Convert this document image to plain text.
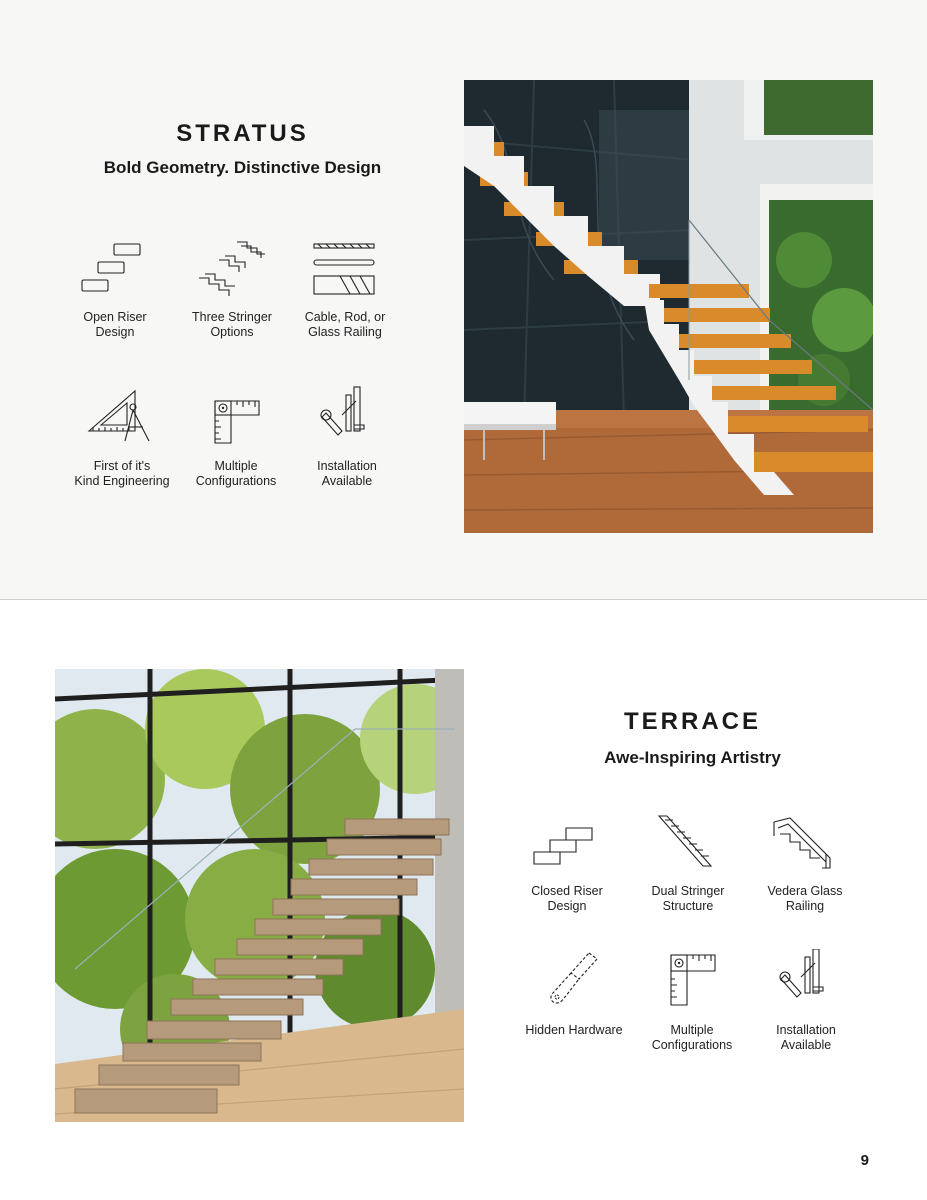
STRATUS
Bold Geometry. Distinctive Design
Open Riser
Design
Three Stringer
Options
Cable, Rod, or
Glass Railing
First of it's
Kind Engineering
Multiple
Configurations
Installation
Available
TERRACE
Awe-Inspiring Artistry
Closed Riser
Design
Dual Stringer
Structure
Vedera Glass
Railing
Hidden Hardware	Multiple
Configurations
Installation
Available
9
